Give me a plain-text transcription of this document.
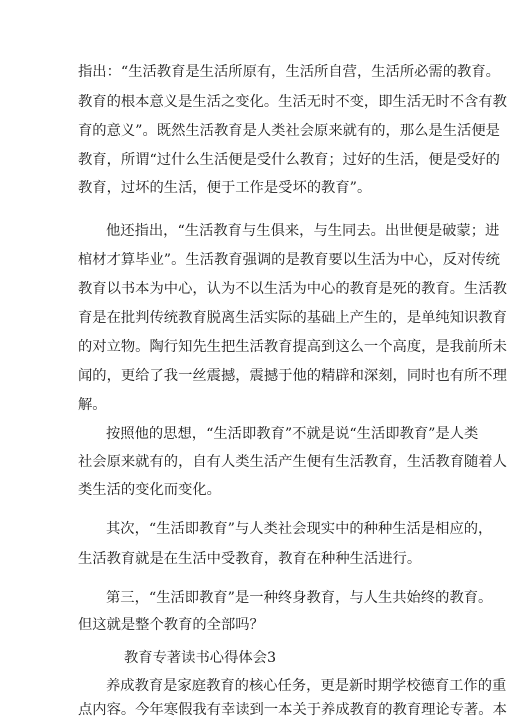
指出：“生活教育是生活所原有，生活所自营，生活所必需的教育。
教育的根本意义是生活之变化。生活无时不变，即生活无时不含有教
育的意义”。既然生活教育是人类社会原来就有的，那么是生活便是
教育，所谓“过什么生活便是受什么教育；过好的生活，便是受好的
教育，过坏的生活，便于工作是受坏的教育”。
他还指出，“生活教育与生俱来，与生同去。出世便是破蒙；进
棺材才算毕业”。生活教育强调的是教育要以生活为中心，反对传统
教育以书本为中心，认为不以生活为中心的教育是死的教育。生活教
育是在批判传统教育脱离生活实际的基础上产生的，是单纯知识教育
的对立物。陶行知先生把生活教育提高到这么一个高度，是我前所未
闻的，更给了我一丝震撼，震撼于他的精辟和深刻，同时也有所不理
解。
按照他的思想，“生活即教育”不就是说“生活即教育”是人类
社会原来就有的，自有人类生活产生便有生活教育，生活教育随着人
类生活的变化而变化。
其次，“生活即教育”与人类社会现实中的种种生活是相应的，
生活教育就是在生活中受教育，教育在种种生活进行。
第三，“生活即教育”是一种终身教育，与人生共始终的教育。
但这就是整个教育的全部吗？
教育专著读书心得体会3
养成教育是家庭教育的核心任务，更是新时期学校德育工作的重
点内容。今年寒假我有幸读到一本关于养成教育的教育理论专著。本
